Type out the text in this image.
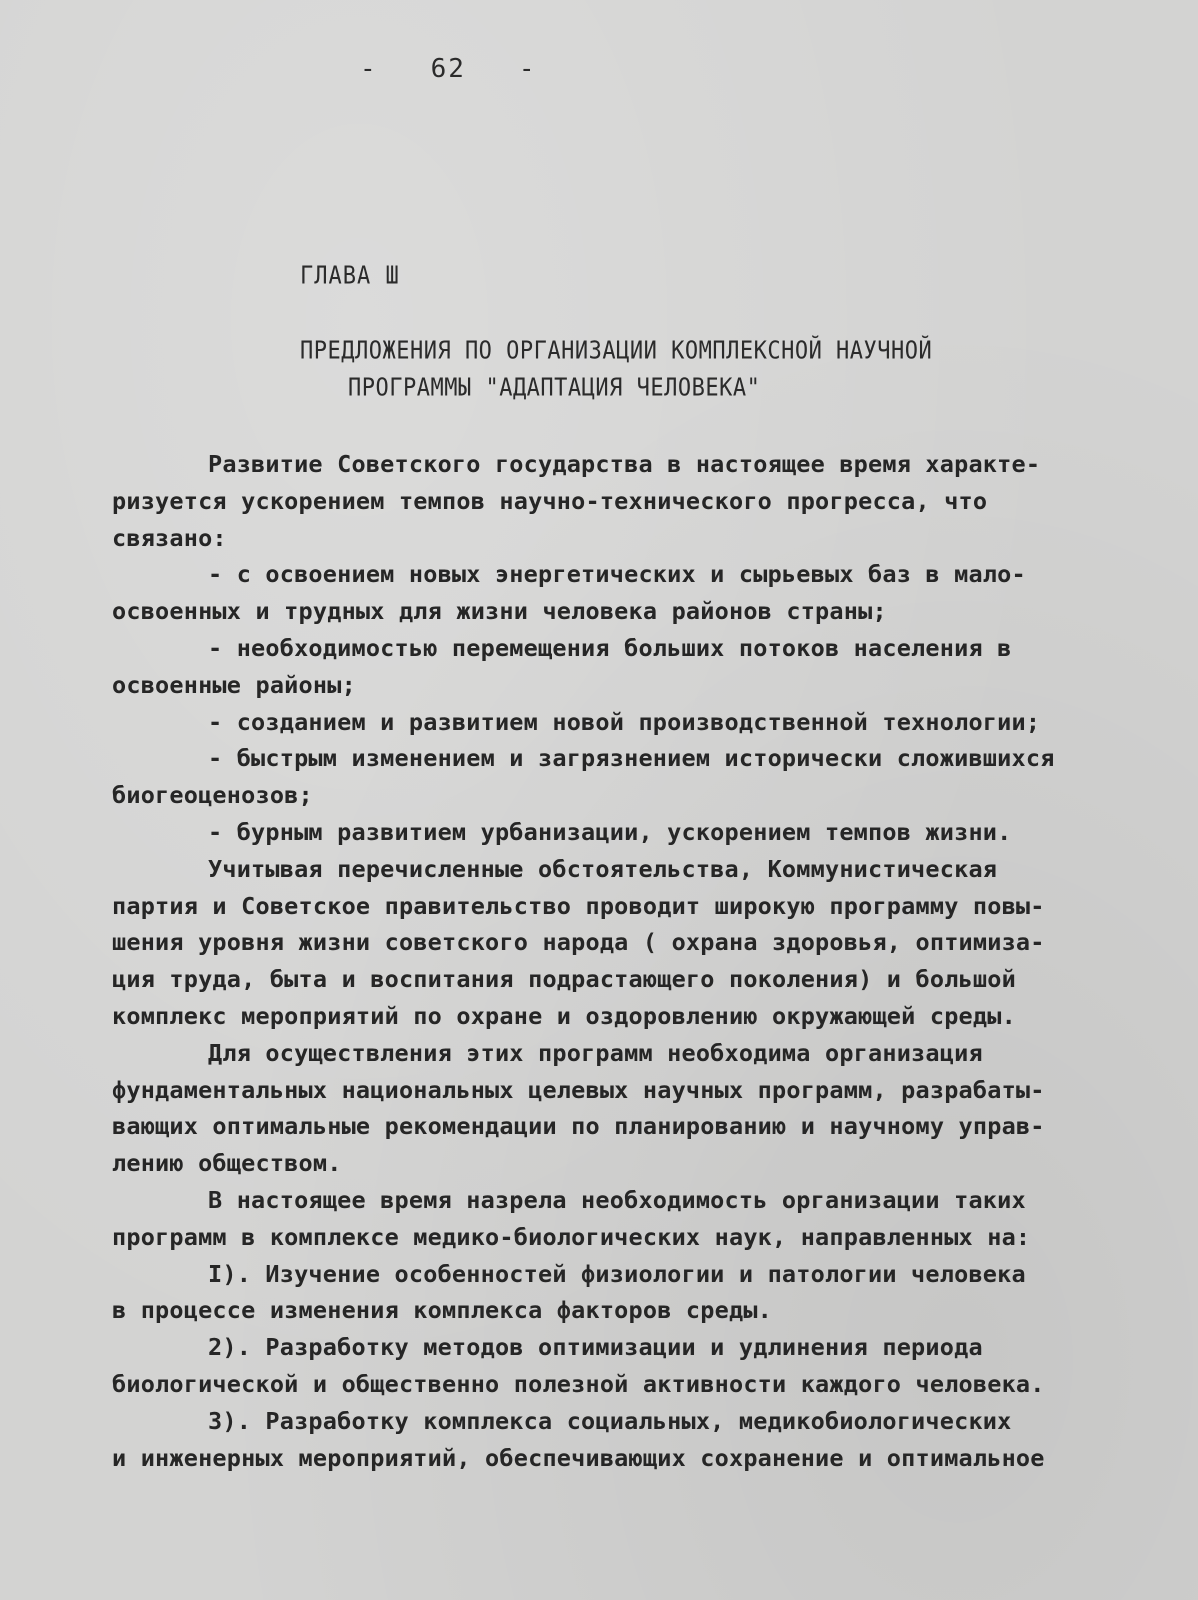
-   62   -
ГЛАВА Ш
ПРЕДЛОЖЕНИЯ ПО ОРГАНИЗАЦИИ КОМПЛЕКСНОЙ НАУЧНОЙ
ПРОГРАММЫ "АДАПТАЦИЯ ЧЕЛОВЕКА"
Развитие Советского государства в настоящее время характе-
ризуется ускорением темпов научно-технического прогресса, что
связано:
- с освоением новых энергетических и сырьевых баз в мало-
освоенных и трудных для жизни человека районов страны;
- необходимостью перемещения больших потоков населения в
освоенные районы;
- созданием и развитием новой производственной технологии;
- быстрым изменением и загрязнением исторически сложившихся
биогеоценозов;
- бурным развитием урбанизации, ускорением темпов жизни.
Учитывая перечисленные обстоятельства, Коммунистическая
партия и Советское правительство проводит широкую программу повы-
шения уровня жизни советского народа ( охрана здоровья, оптимиза-
ция труда, быта и воспитания подрастающего поколения) и большой
комплекс мероприятий по охране и оздоровлению окружающей среды.
Для осуществления этих программ необходима организация
фундаментальных национальных целевых научных программ, разрабаты-
вающих оптимальные рекомендации по планированию и научному управ-
лению обществом.
В настоящее время назрела необходимость организации таких
программ в комплексе медико-биологических наук, направленных на:
I). Изучение особенностей физиологии и патологии человека
в процессе изменения комплекса факторов среды.
2). Разработку методов оптимизации и удлинения периода
биологической и общественно полезной активности каждого человека.
3). Разработку комплекса социальных, медикобиологических
и инженерных мероприятий, обеспечивающих сохранение и оптимальное
